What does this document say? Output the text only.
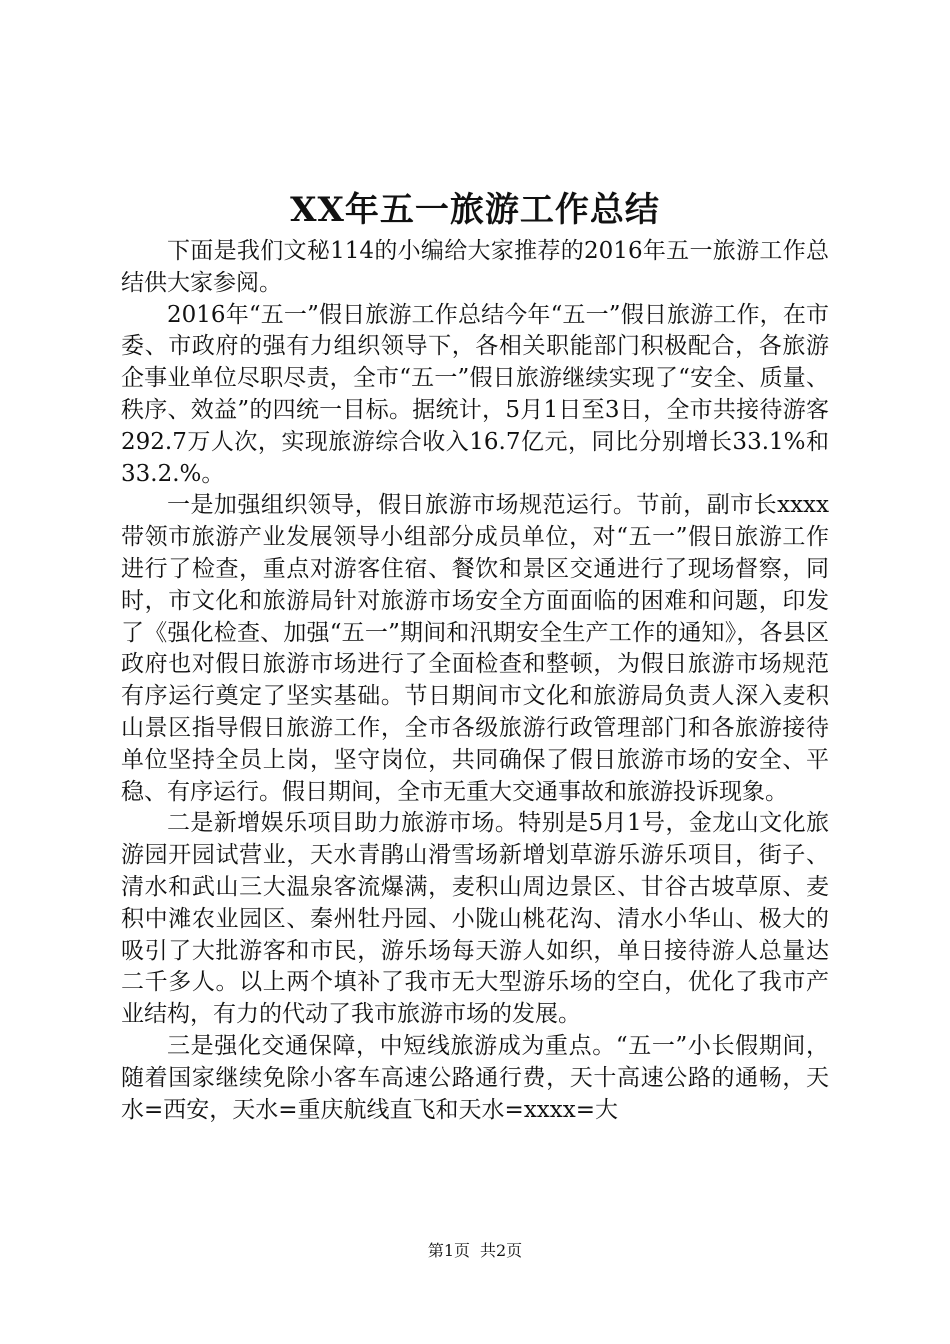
XX年五一旅游工作总结

下面是我们文秘114的小编给大家推荐的2016年五一旅游工作总结供大家参阅。

2016年“五一”假日旅游工作总结今年“五一”假日旅游工作，在市委、市政府的强有力组织领导下，各相关职能部门积极配合，各旅游企事业单位尽职尽责，全市“五一”假日旅游继续实现了“安全、质量、秩序、效益”的四统一目标。据统计，5月1日至3日，全市共接待游客292.7万人次，实现旅游综合收入16.7亿元，同比分别增长33.1%和33.2.%。

一是加强组织领导，假日旅游市场规范运行。节前，副市长xxxx带领市旅游产业发展领导小组部分成员单位，对“五一”假日旅游工作进行了检查，重点对游客住宿、餐饮和景区交通进行了现场督察，同时，市文化和旅游局针对旅游市场安全方面面临的困难和问题，印发了《强化检查、加强“五一”期间和汛期安全生产工作的通知》，各县区政府也对假日旅游市场进行了全面检查和整顿，为假日旅游市场规范有序运行奠定了坚实基础。节日期间市文化和旅游局负责人深入麦积山景区指导假日旅游工作，全市各级旅游行政管理部门和各旅游接待单位坚持全员上岗，坚守岗位，共同确保了假日旅游市场的安全、平稳、有序运行。假日期间，全市无重大交通事故和旅游投诉现象。

二是新增娱乐项目助力旅游市场。特别是5月1号，金龙山文化旅游园开园试营业，天水青鹃山滑雪场新增划草游乐游乐项目，街子、清水和武山三大温泉客流爆满，麦积山周边景区、甘谷古坡草原、麦积中滩农业园区、秦州牡丹园、小陇山桃花沟、清水小华山、极大的吸引了大批游客和市民，游乐场每天游人如织，单日接待游人总量达二千多人。以上两个填补了我市无大型游乐场的空白，优化了我市产业结构，有力的代动了我市旅游市场的发展。

三是强化交通保障，中短线旅游成为重点。“五一”小长假期间，随着国家继续免除小客车高速公路通行费，天十高速公路的通畅，天水=西安，天水=重庆航线直飞和天水=xxxx=大

第1页 共2页
